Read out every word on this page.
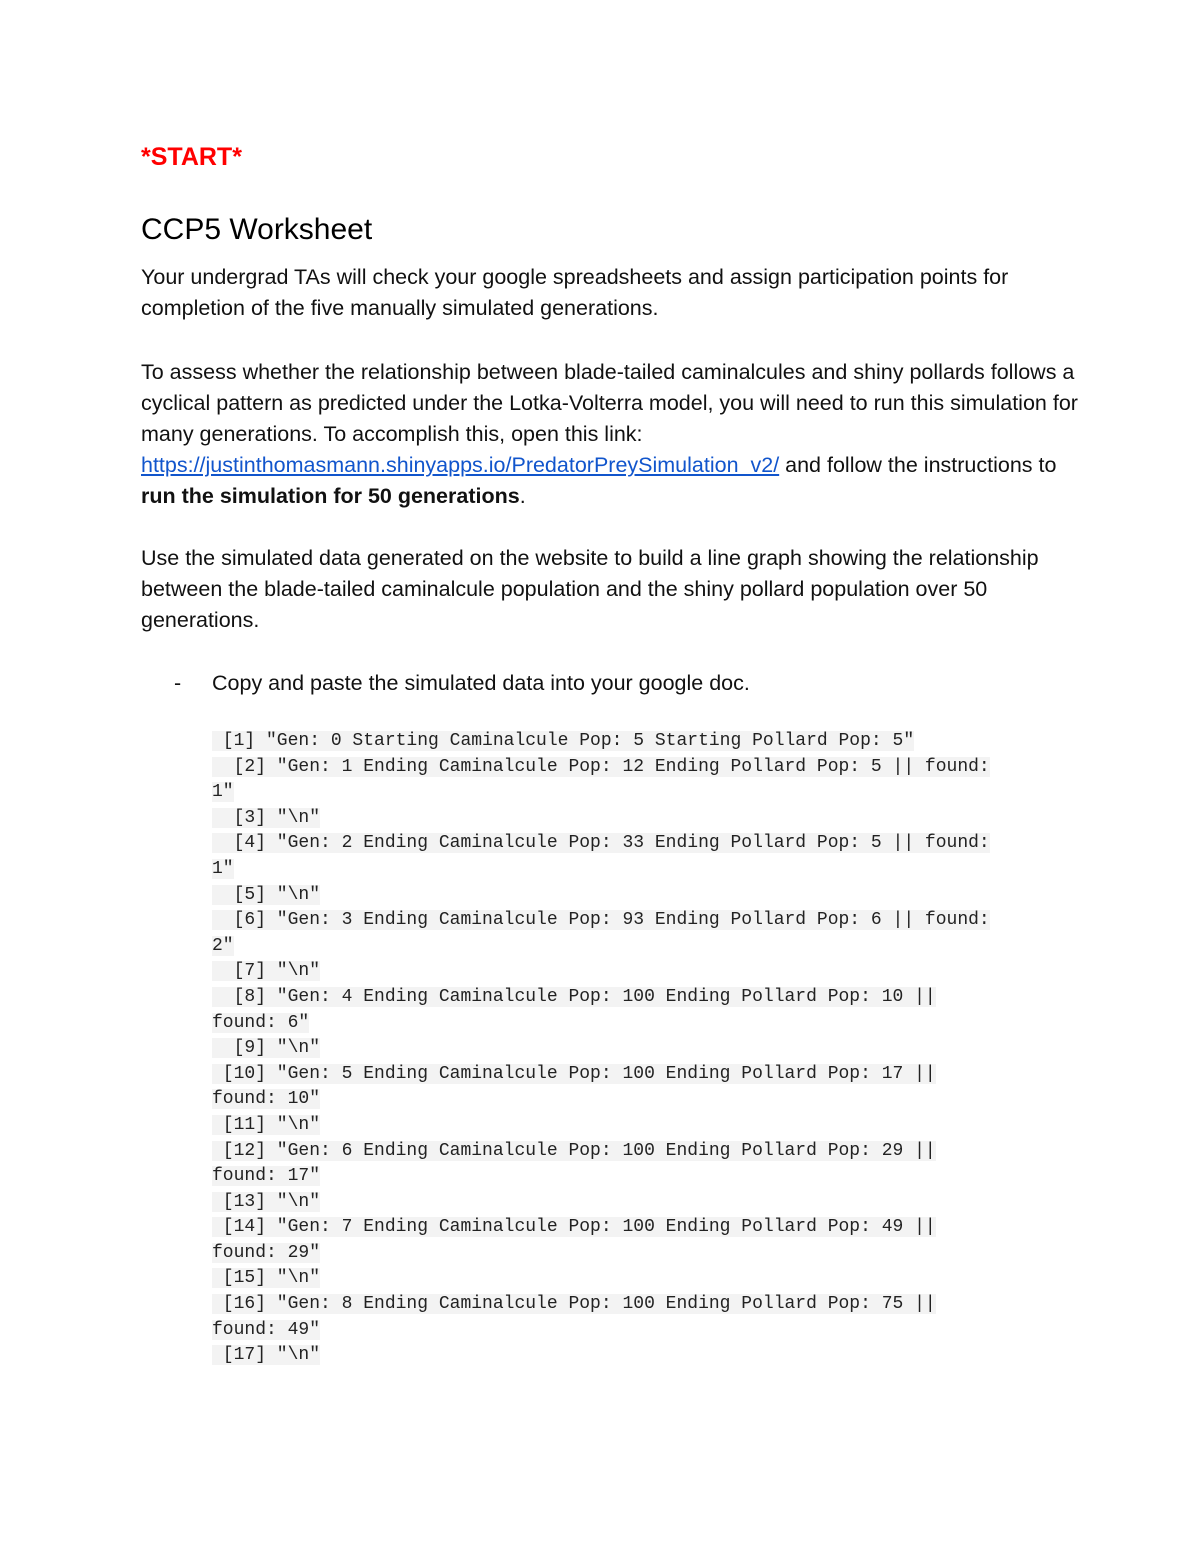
*START*

CCP5 Worksheet

Your undergrad TAs will check your google spreadsheets and assign participation points for completion of the five manually simulated generations.

To assess whether the relationship between blade-tailed caminalcules and shiny pollards follows a cyclical pattern as predicted under the Lotka-Volterra model, you will need to run this simulation for many generations. To accomplish this, open this link: https://justinthomasmann.shinyapps.io/PredatorPreySimulation_v2/ and follow the instructions to run the simulation for 50 generations.

Use the simulated data generated on the website to build a line graph showing the relationship between the blade-tailed caminalcule population and the shiny pollard population over 50 generations.

- Copy and paste the simulated data into your google doc.
[1] "Gen: 0 Starting Caminalcule Pop: 5 Starting Pollard Pop: 5"
[2] "Gen: 1 Ending Caminalcule Pop: 12 Ending Pollard Pop: 5 || found:
1"
[3] "\n"
[4] "Gen: 2 Ending Caminalcule Pop: 33 Ending Pollard Pop: 5 || found:
1"
[5] "\n"
[6] "Gen: 3 Ending Caminalcule Pop: 93 Ending Pollard Pop: 6 || found:
2"
[7] "\n"
[8] "Gen: 4 Ending Caminalcule Pop: 100 Ending Pollard Pop: 10 ||
found: 6"
[9] "\n"
[10] "Gen: 5 Ending Caminalcule Pop: 100 Ending Pollard Pop: 17 ||
found: 10"
[11] "\n"
[12] "Gen: 6 Ending Caminalcule Pop: 100 Ending Pollard Pop: 29 ||
found: 17"
[13] "\n"
[14] "Gen: 7 Ending Caminalcule Pop: 100 Ending Pollard Pop: 49 ||
found: 29"
[15] "\n"
[16] "Gen: 8 Ending Caminalcule Pop: 100 Ending Pollard Pop: 75 ||
found: 49"
[17] "\n"
